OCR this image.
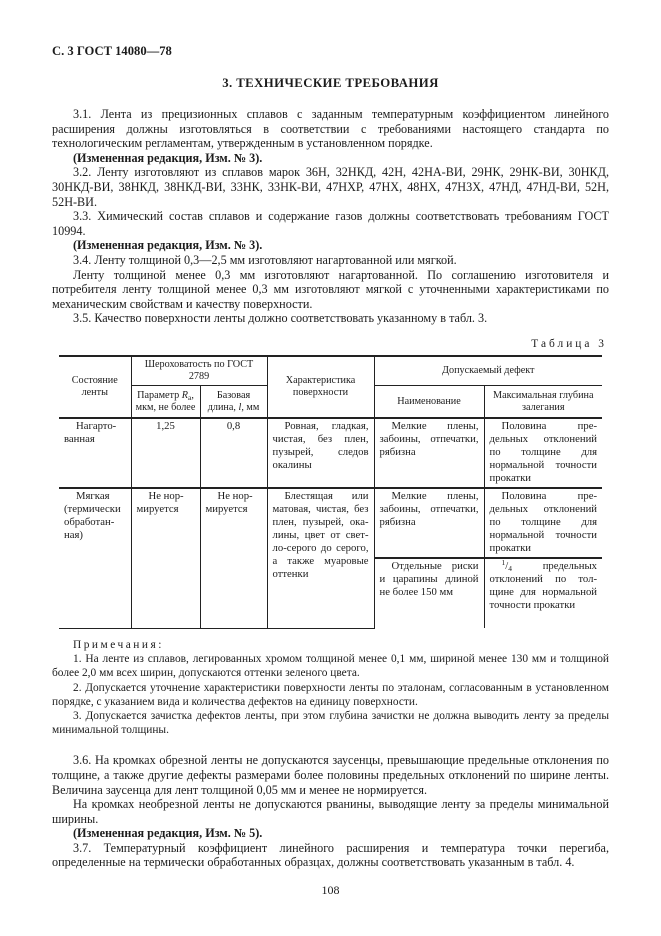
С. 3 ГОСТ 14080—78
3. ТЕХНИЧЕСКИЕ ТРЕБОВАНИЯ

3.1. Лента из прецизионных сплавов с заданным температурным коэффициентом линейного расширения должны изготовляться в соответствии с требованиями настоящего стандарта по технологическим регламентам, утвержденным в установленном порядке.

(Измененная редакция, Изм. № 3).

3.2. Ленту изготовляют из сплавов марок 36Н, 32НКД, 42Н, 42НА-ВИ, 29НК, 29НК-ВИ, 30НКД, 30НКД-ВИ, 38НКД, 38НКД-ВИ, 33НК, 33НК-ВИ, 47НХР, 47НХ, 48НХ, 47Н3Х, 47НД, 47НД-ВИ, 52Н, 52Н-ВИ.

3.3. Химический состав сплавов и содержание газов должны соответствовать требованиям ГОСТ 10994.

(Измененная редакция, Изм. № 3).

3.4. Ленту толщиной 0,3—2,5 мм изготовляют нагартованной или мягкой.

Ленту толщиной менее 0,3 мм изготовляют нагартованной. По соглашению изготовителя и потребителя ленту толщиной менее 0,3 мм изготовляют мягкой с уточненными характеристиками по механическим свойствам и качеству поверхности.

3.5. Качество поверхности ленты должно соответствовать указанному в табл. 3.

Таблица 3
Состояние ленты	Шероховатость по ГОСТ 2789		Характеристика поверхности	Допускаемый дефект	
	Параметр $R_a$, мкм, не более	Базовая длина, l, мм		Наименование	Максимальная глубина залегания
Нагартованная	1,25	0,8	Ровная, гладкая, чистая, без плен, пузырей, следов окалины	Мелкие плены, забоины, отпечатки, рябизна	Половина предельных отклонений по толщине для нормальной точности прокатки
Мягкая (термически обработанная)	Не нормируется	Не нормируется	Блестящая или матовая, чистая, без плен, пузырей, окалины, цвет от светло-серого до серого, а также муаровые оттенки	Мелкие плены, забоины, отпечатки, рябизна	Половина предельных отклонений по толщине для нормальной точности прокатки
				Отдельные риски и царапины длиной не более 150 мм	$^1/_4$ предельных отклонений по толщине для нормальной точности прокатки

Примечания:

1. На ленте из сплавов, легированных хромом толщиной менее 0,1 мм, шириной менее 130 мм и толщиной более 2,0 мм всех ширин, допускаются оттенки зеленого цвета.

2. Допускается уточнение характеристики поверхности ленты по эталонам, согласованным в установленном порядке, с указанием вида и количества дефектов на единицу поверхности.

3. Допускается зачистка дефектов ленты, при этом глубина зачистки не должна выводить ленту за пределы минимальной толщины.

3.6. На кромках обрезной ленты не допускаются заусенцы, превышающие предельные отклонения по толщине, а также другие дефекты размерами более половины предельных отклонений по ширине ленты. Величина заусенца для лент толщиной 0,05 мм и менее не нормируется.

На кромках необрезной ленты не допускаются рванины, выводящие ленту за пределы минимальной ширины.

(Измененная редакция, Изм. № 5).

3.7. Температурный коэффициент линейного расширения и температура точки перегиба, определенные на термически обработанных образцах, должны соответствовать указанным в табл. 4.

108
